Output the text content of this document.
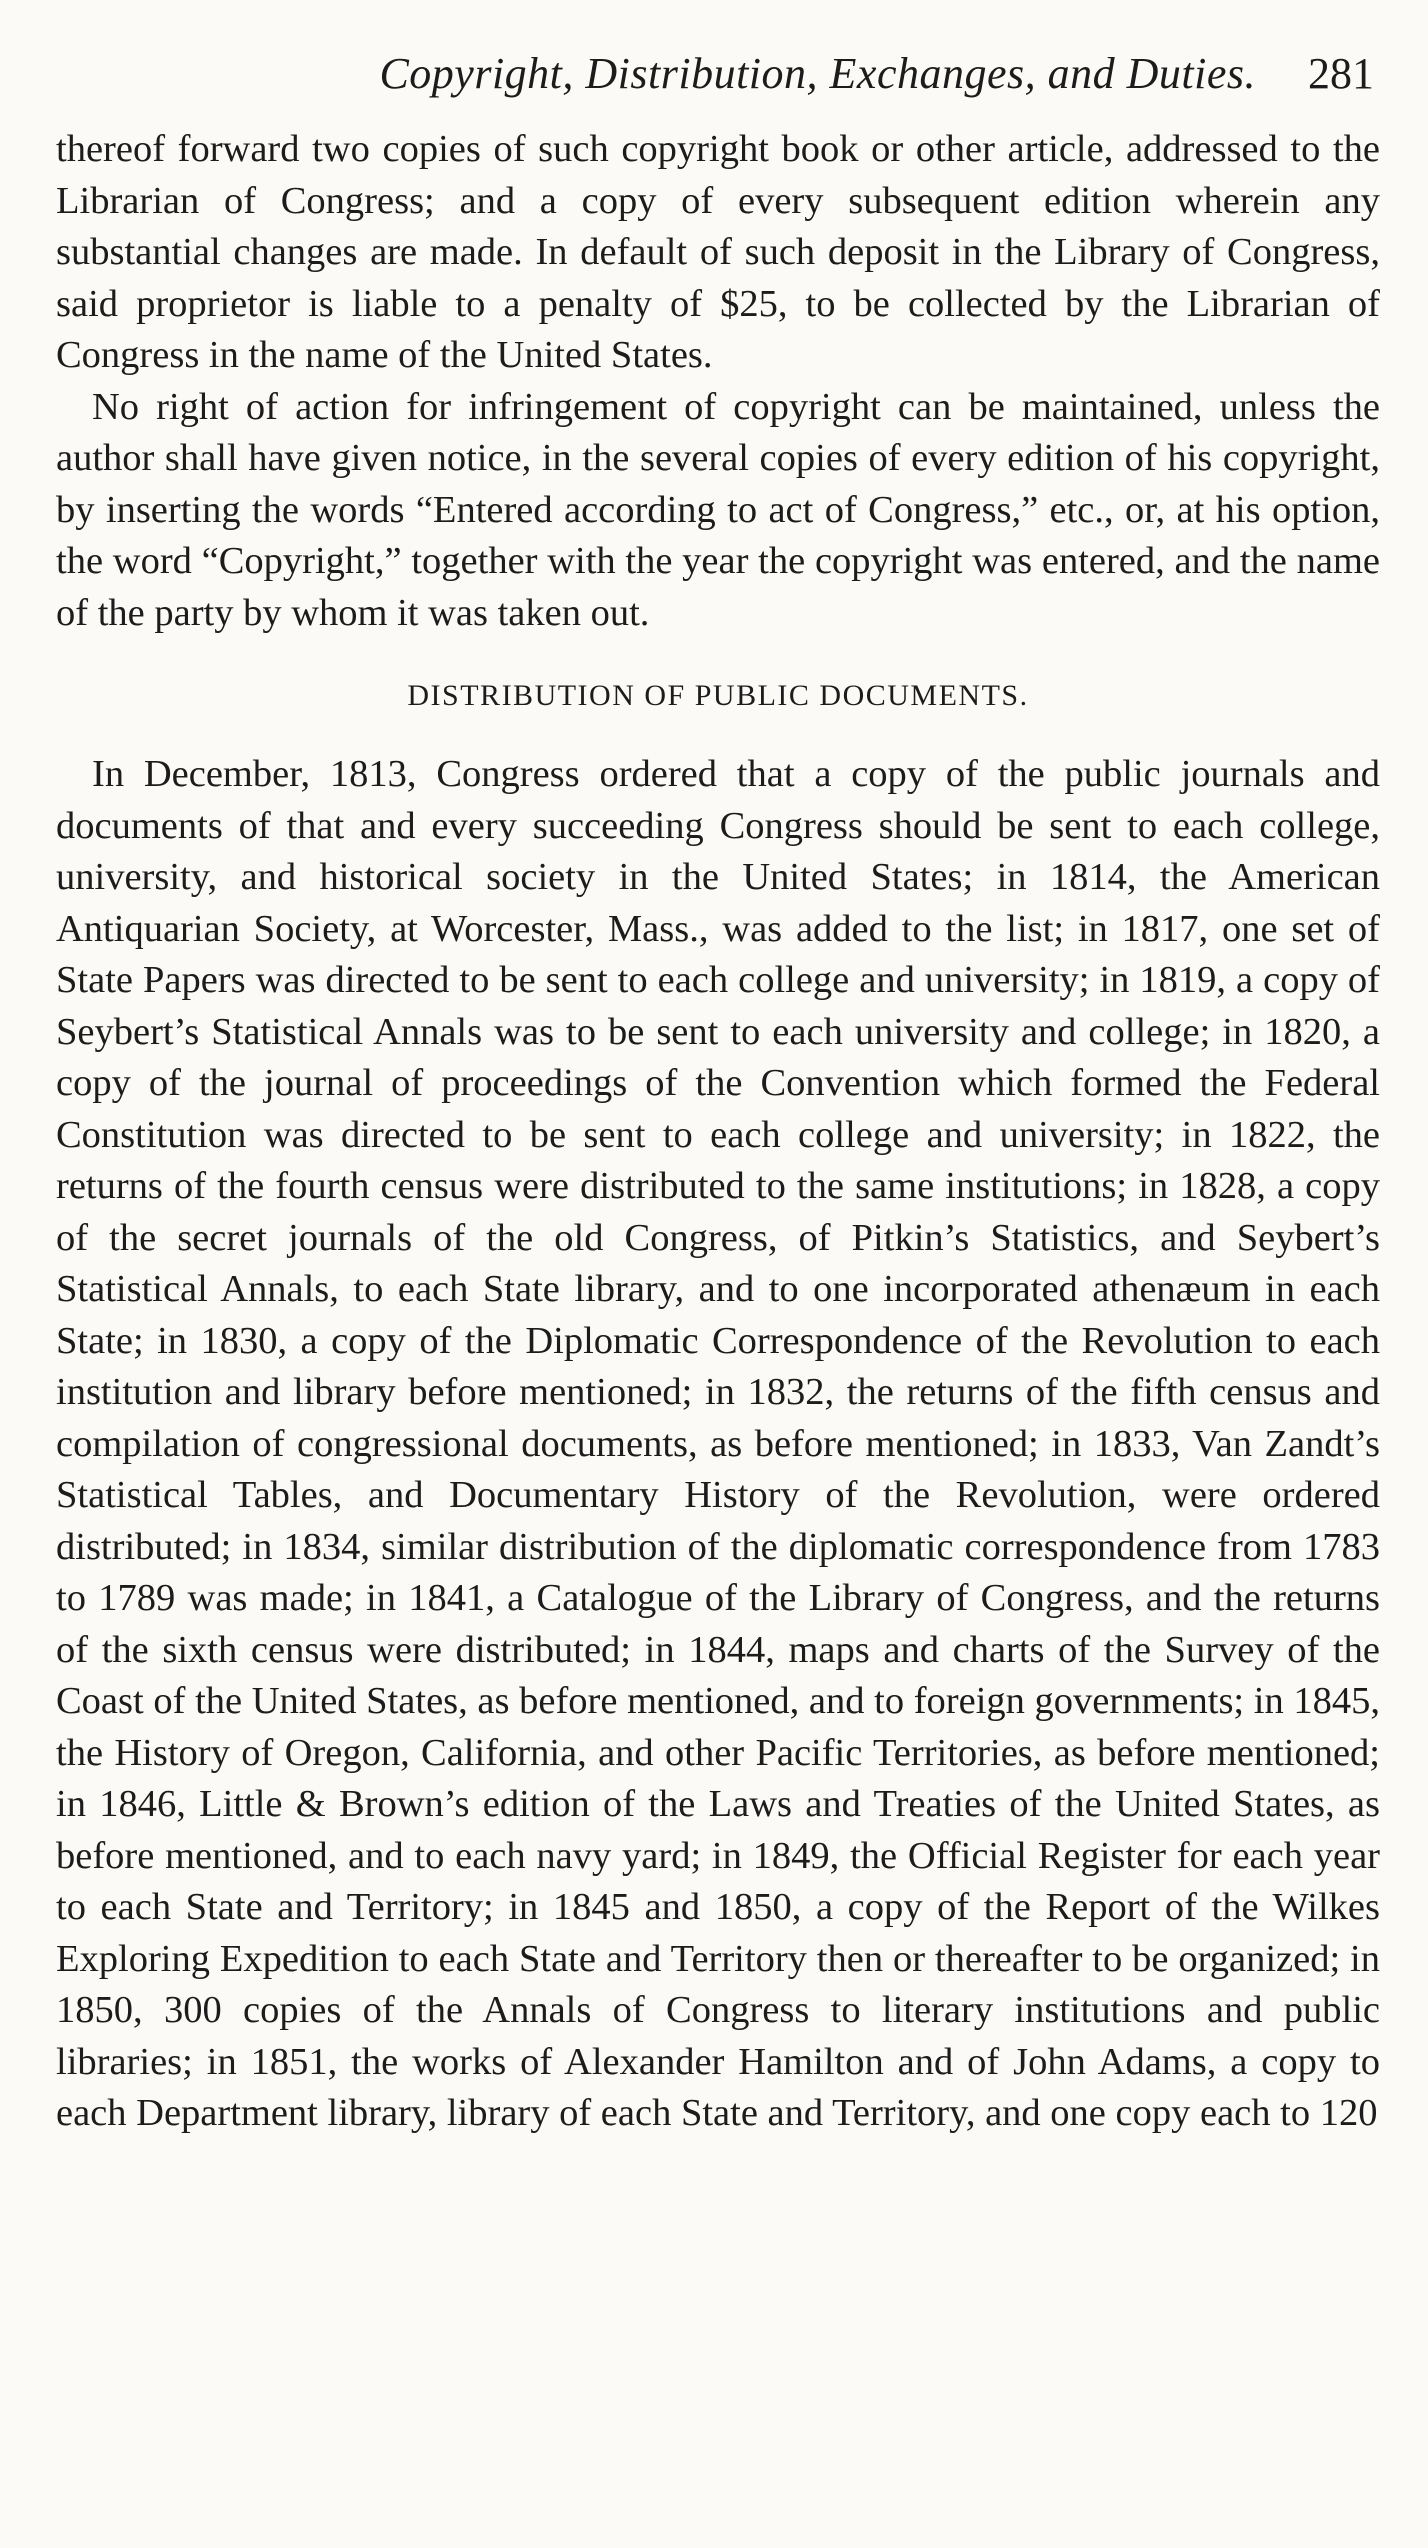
Copyright, Distribution, Exchanges, and Duties. 281

thereof forward two copies of such copyright book or other article, addressed to the Librarian of Congress; and a copy of every subsequent edition wherein any substantial changes are made. In default of such deposit in the Library of Congress, said proprietor is liable to a penalty of $25, to be collected by the Librarian of Congress in the name of the United States.

No right of action for infringement of copyright can be maintained, unless the author shall have given notice, in the several copies of every edition of his copyright, by inserting the words “Entered according to act of Congress,” etc., or, at his option, the word “Copyright,” together with the year the copyright was entered, and the name of the party by whom it was taken out.

DISTRIBUTION OF PUBLIC DOCUMENTS.

In December, 1813, Congress ordered that a copy of the public journals and documents of that and every succeeding Congress should be sent to each college, university, and historical society in the United States; in 1814, the American Antiquarian Society, at Worcester, Mass., was added to the list; in 1817, one set of State Papers was directed to be sent to each college and university; in 1819, a copy of Seybert’s Statistical Annals was to be sent to each university and college; in 1820, a copy of the journal of proceedings of the Convention which formed the Federal Constitution was directed to be sent to each college and university; in 1822, the returns of the fourth census were distributed to the same institutions; in 1828, a copy of the secret journals of the old Congress, of Pitkin’s Statistics, and Seybert’s Statistical Annals, to each State library, and to one incorporated athenæum in each State; in 1830, a copy of the Diplomatic Correspondence of the Revolution to each institution and library before mentioned; in 1832, the returns of the fifth census and compilation of congressional documents, as before mentioned; in 1833, Van Zandt’s Statistical Tables, and Documentary History of the Revolution, were ordered distributed; in 1834, similar distribution of the diplomatic correspondence from 1783 to 1789 was made; in 1841, a Catalogue of the Library of Congress, and the returns of the sixth census were distributed; in 1844, maps and charts of the Survey of the Coast of the United States, as before mentioned, and to foreign governments; in 1845, the History of Oregon, California, and other Pacific Territories, as before mentioned; in 1846, Little & Brown’s edition of the Laws and Treaties of the United States, as before mentioned, and to each navy yard; in 1849, the Official Register for each year to each State and Territory; in 1845 and 1850, a copy of the Report of the Wilkes Exploring Expedition to each State and Territory then or thereafter to be organized; in 1850, 300 copies of the Annals of Congress to literary institutions and public libraries; in 1851, the works of Alexander Hamilton and of John Adams, a copy to each Department library, library of each State and Territory, and one copy each to 120
